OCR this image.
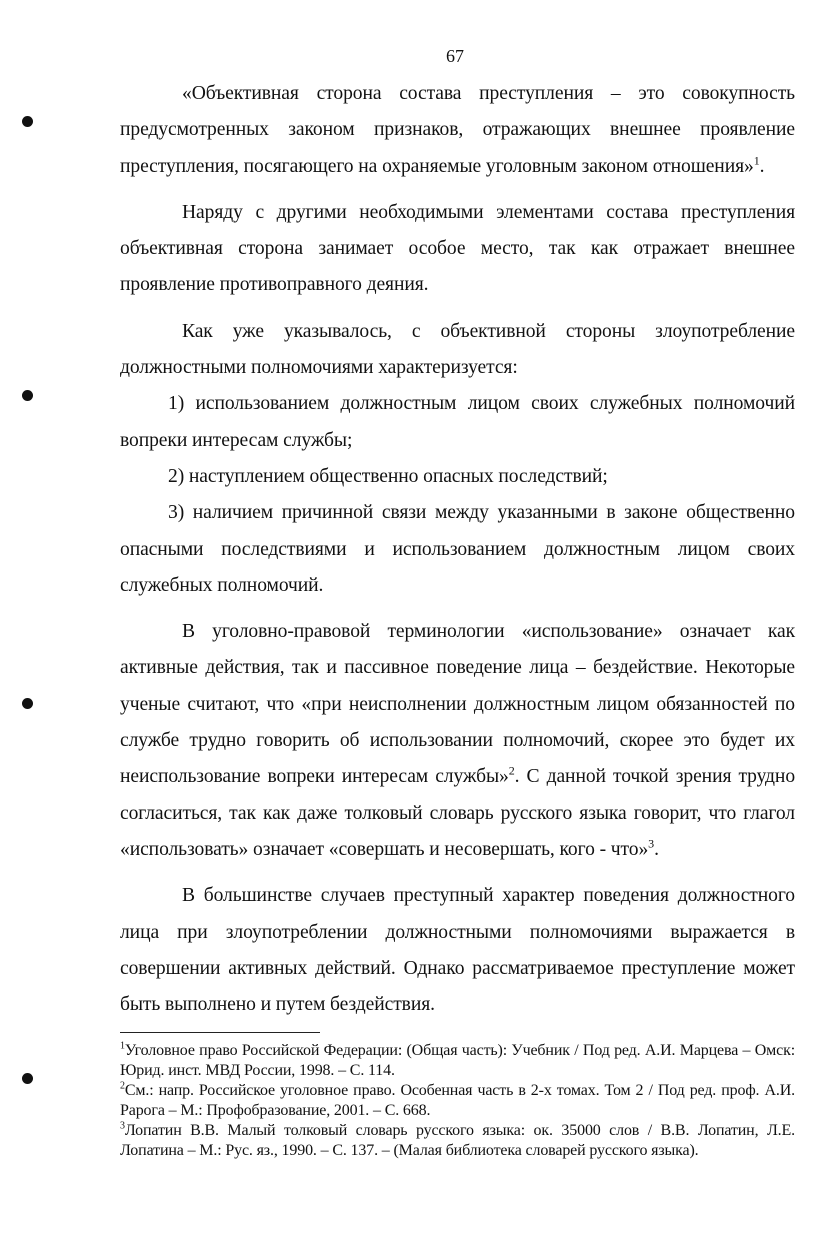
67

«Объективная сторона состава преступления – это совокупность предусмотренных законом признаков, отражающих внешнее проявление преступления, посягающего на охраняемые уголовным законом отношения»$^1$.

Наряду с другими необходимыми элементами состава преступления объективная сторона занимает особое место, так как отражает внешнее проявление противоправного деяния.

Как уже указывалось, с объективной стороны злоупотребление должностными полномочиями характеризуется:

1) использованием должностным лицом своих служебных полномочий вопреки интересам службы;

2) наступлением общественно опасных последствий;

3) наличием причинной связи между указанными в законе общественно опасными последствиями и использованием должностным лицом своих служебных полномочий.

В уголовно-правовой терминологии «использование» означает как активные действия, так и пассивное поведение лица – бездействие. Некоторые ученые считают, что «при неисполнении должностным лицом обязанностей по службе трудно говорить об использовании полномочий, скорее это будет их неиспользование вопреки интересам службы»$^2$. С данной точкой зрения трудно согласиться, так как даже толковый словарь русского языка говорит, что глагол «использовать» означает «совершать и несовершать, кого - что»$^3$.

В большинстве случаев преступный характер поведения должностного лица при злоупотреблении должностными полномочиями выражается в совершении активных действий. Однако рассматриваемое преступление может быть выполнено и путем бездействия.

$^1$Уголовное право Российской Федерации: (Общая часть): Учебник / Под ред. А.И. Марцева – Омск: Юрид. инст. МВД России, 1998. – С. 114.

$^2$См.: напр. Российское уголовное право. Особенная часть в 2-х томах. Том 2 / Под ред. проф. А.И. Рарога – М.: Профобразование, 2001. – С. 668.

$^3$Лопатин В.В. Малый толковый словарь русского языка: ок. 35000 слов / В.В. Лопатин, Л.Е. Лопатина – М.: Рус. яз., 1990. – С. 137. – (Малая библиотека словарей русского языка).
